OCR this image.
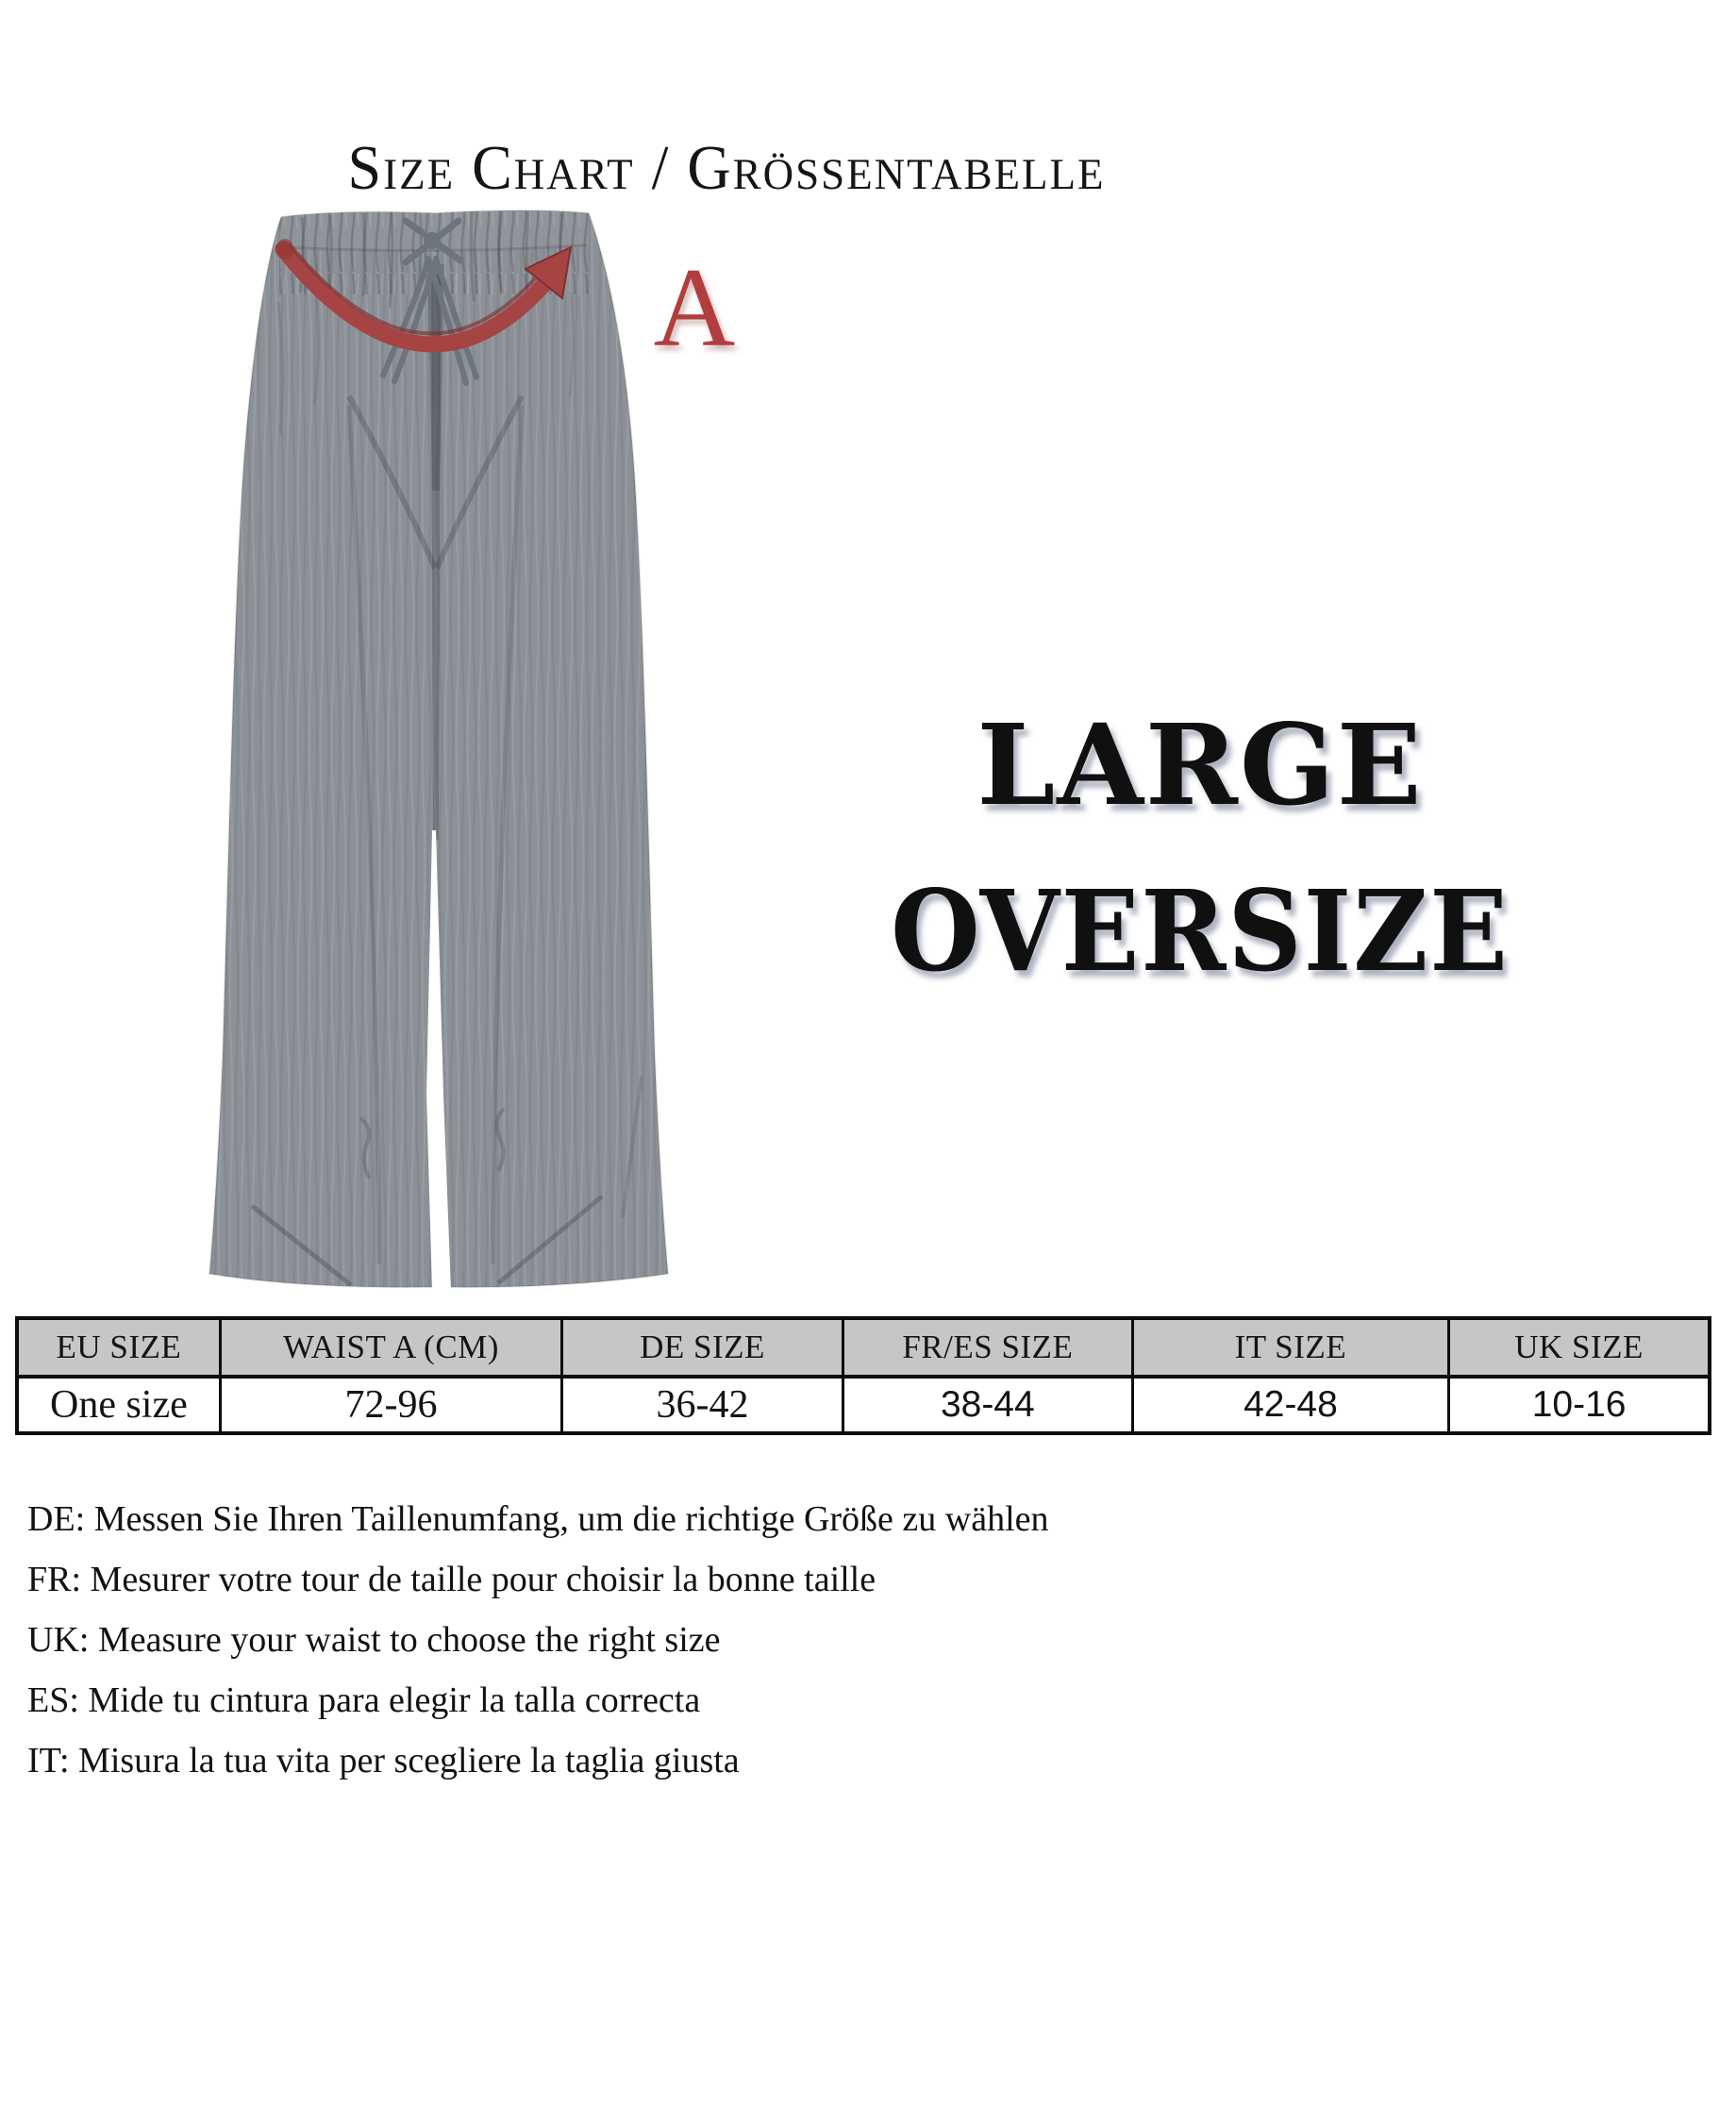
Size Chart / Grössentabelle
A
LARGE
OVERSIZE
EU SIZE	WAIST A (CM)	DE SIZE	FR/ES SIZE	IT SIZE	UK SIZE
One size	72-96	36-42	38-44	42-48	10-16
DE: Messen Sie Ihren Taillenumfang, um die richtige Größe zu wählen
FR: Mesurer votre tour de taille pour choisir la bonne taille
UK: Measure your waist to choose the right size
ES: Mide tu cintura para elegir la talla correcta
IT: Misura la tua vita per scegliere la taglia giusta
